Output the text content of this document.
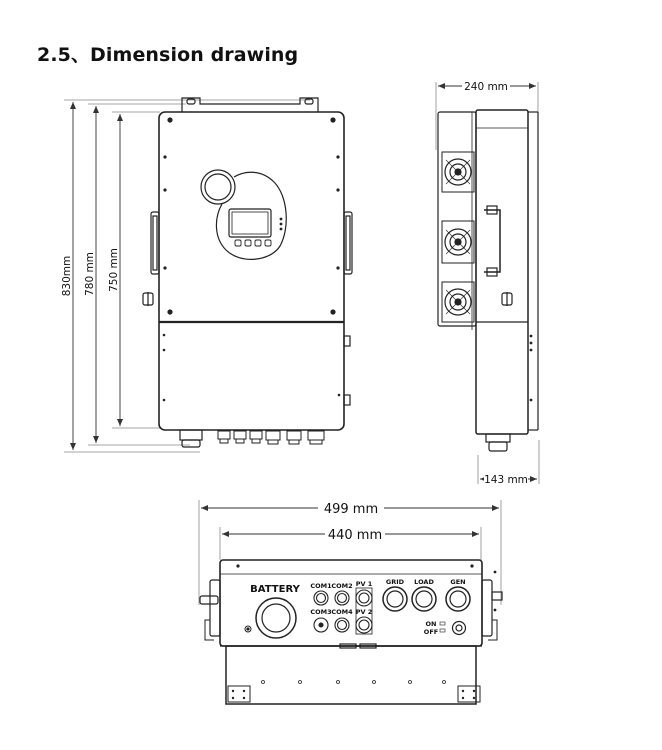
2.5、Dimension drawing
830mm 780 mm 750 mm
240 mm
143 mm
499 mm
440 mm
BATTERY COM1 COM2 PV 1
COM3 COM4 PV 2
GRID LOAD	GEN
ON
OFF
